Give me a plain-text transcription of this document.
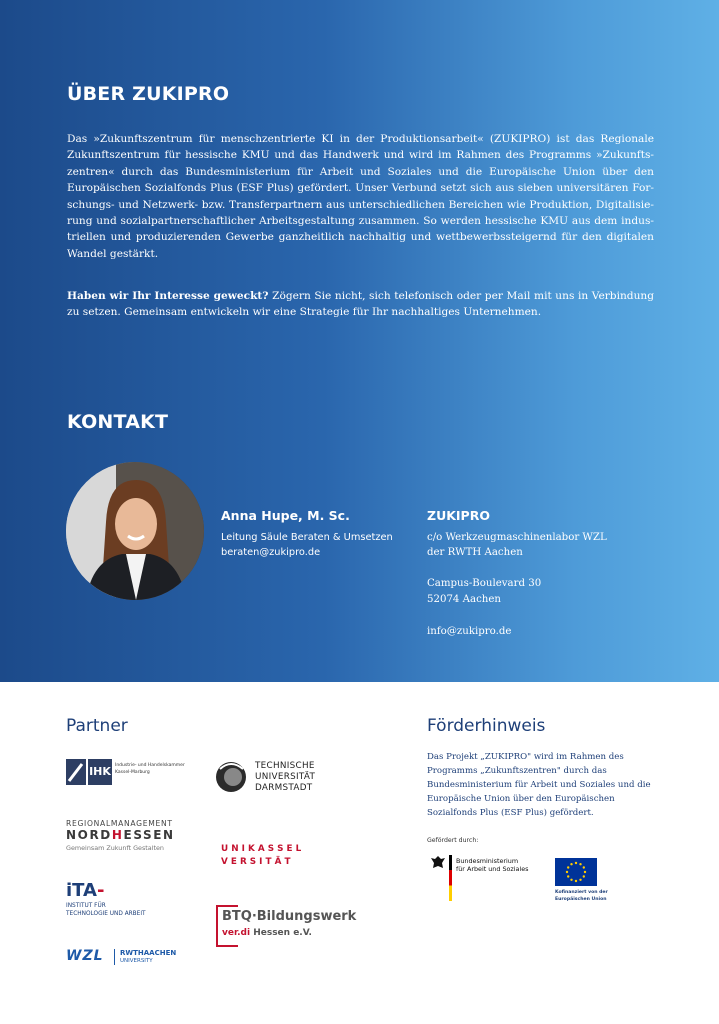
ÜBER ZUKIPRO

Das »Zukunftszentrum für menschzentrierte KI in der Produktionsarbeit« (ZUKIPRO) ist das Regionale Zukunftszentrum für hessische KMU und das Handwerk und wird im Rahmen des Programms »Zukunfts-zentren« durch das Bundesministerium für Arbeit und Soziales und die Europäische Union über den Europäischen Sozialfonds Plus (ESF Plus) gefördert. Unser Verbund setzt sich aus sieben universitären For-schungs- und Netzwerk- bzw. Transferpartnern aus unterschiedlichen Bereichen wie Produktion, Digitalisie-rung und sozialpartnerschaftlicher Arbeitsgestaltung zusammen. So werden hessische KMU aus dem indus-triellen und produzierenden Gewerbe ganzheitlich nachhaltig und wettbewerbssteigernd für den digitalen Wandel gestärkt.

Haben wir Ihr Interesse geweckt? Zögern Sie nicht, sich telefonisch oder per Mail mit uns in Verbindung zu setzen. Gemeinsam entwickeln wir eine Strategie für Ihr nachhaltiges Unternehmen.

KONTAKT
Anna Hupe, M. Sc.
Leitung Säule Beraten & Umsetzen
beraten@zukipro.de
ZUKIPRO
c/o Werkzeugmaschinenlabor WZL
der RWTH Aachen
Campus-Boulevard 30
52074 Aachen
info@zukipro.de
Partner
IHK Industrie- und Handelskammer
Kassel-Marburg
TECHNISCHE
UNIVERSITÄT
DARMSTADT
REGIONALMANAGEMENT
NORDHESSEN
Gemeinsam Zukunft Gestalten	U N I K A S S E L
V E R S I T Ä T
iTA-
INSTITUT FÜR
TECHNOLOGIE UND ARBEIT	BTQ·Bildungswerk
ver.di Hessen e.V.
WZL RWTHAACHEN
UNIVERSITY
Förderhinweis

Das Projekt „ZUKIPRO" wird im Rahmen des Programms „Zukunftszentren" durch das Bundesministerium für Arbeit und Soziales und die Europäische Union über den Europäischen Sozialfonds Plus (ESF Plus) gefördert.

Gefördert durch:
Bundesministerium
für Arbeit und Soziales
Kofinanziert von der
Europäischen Union
